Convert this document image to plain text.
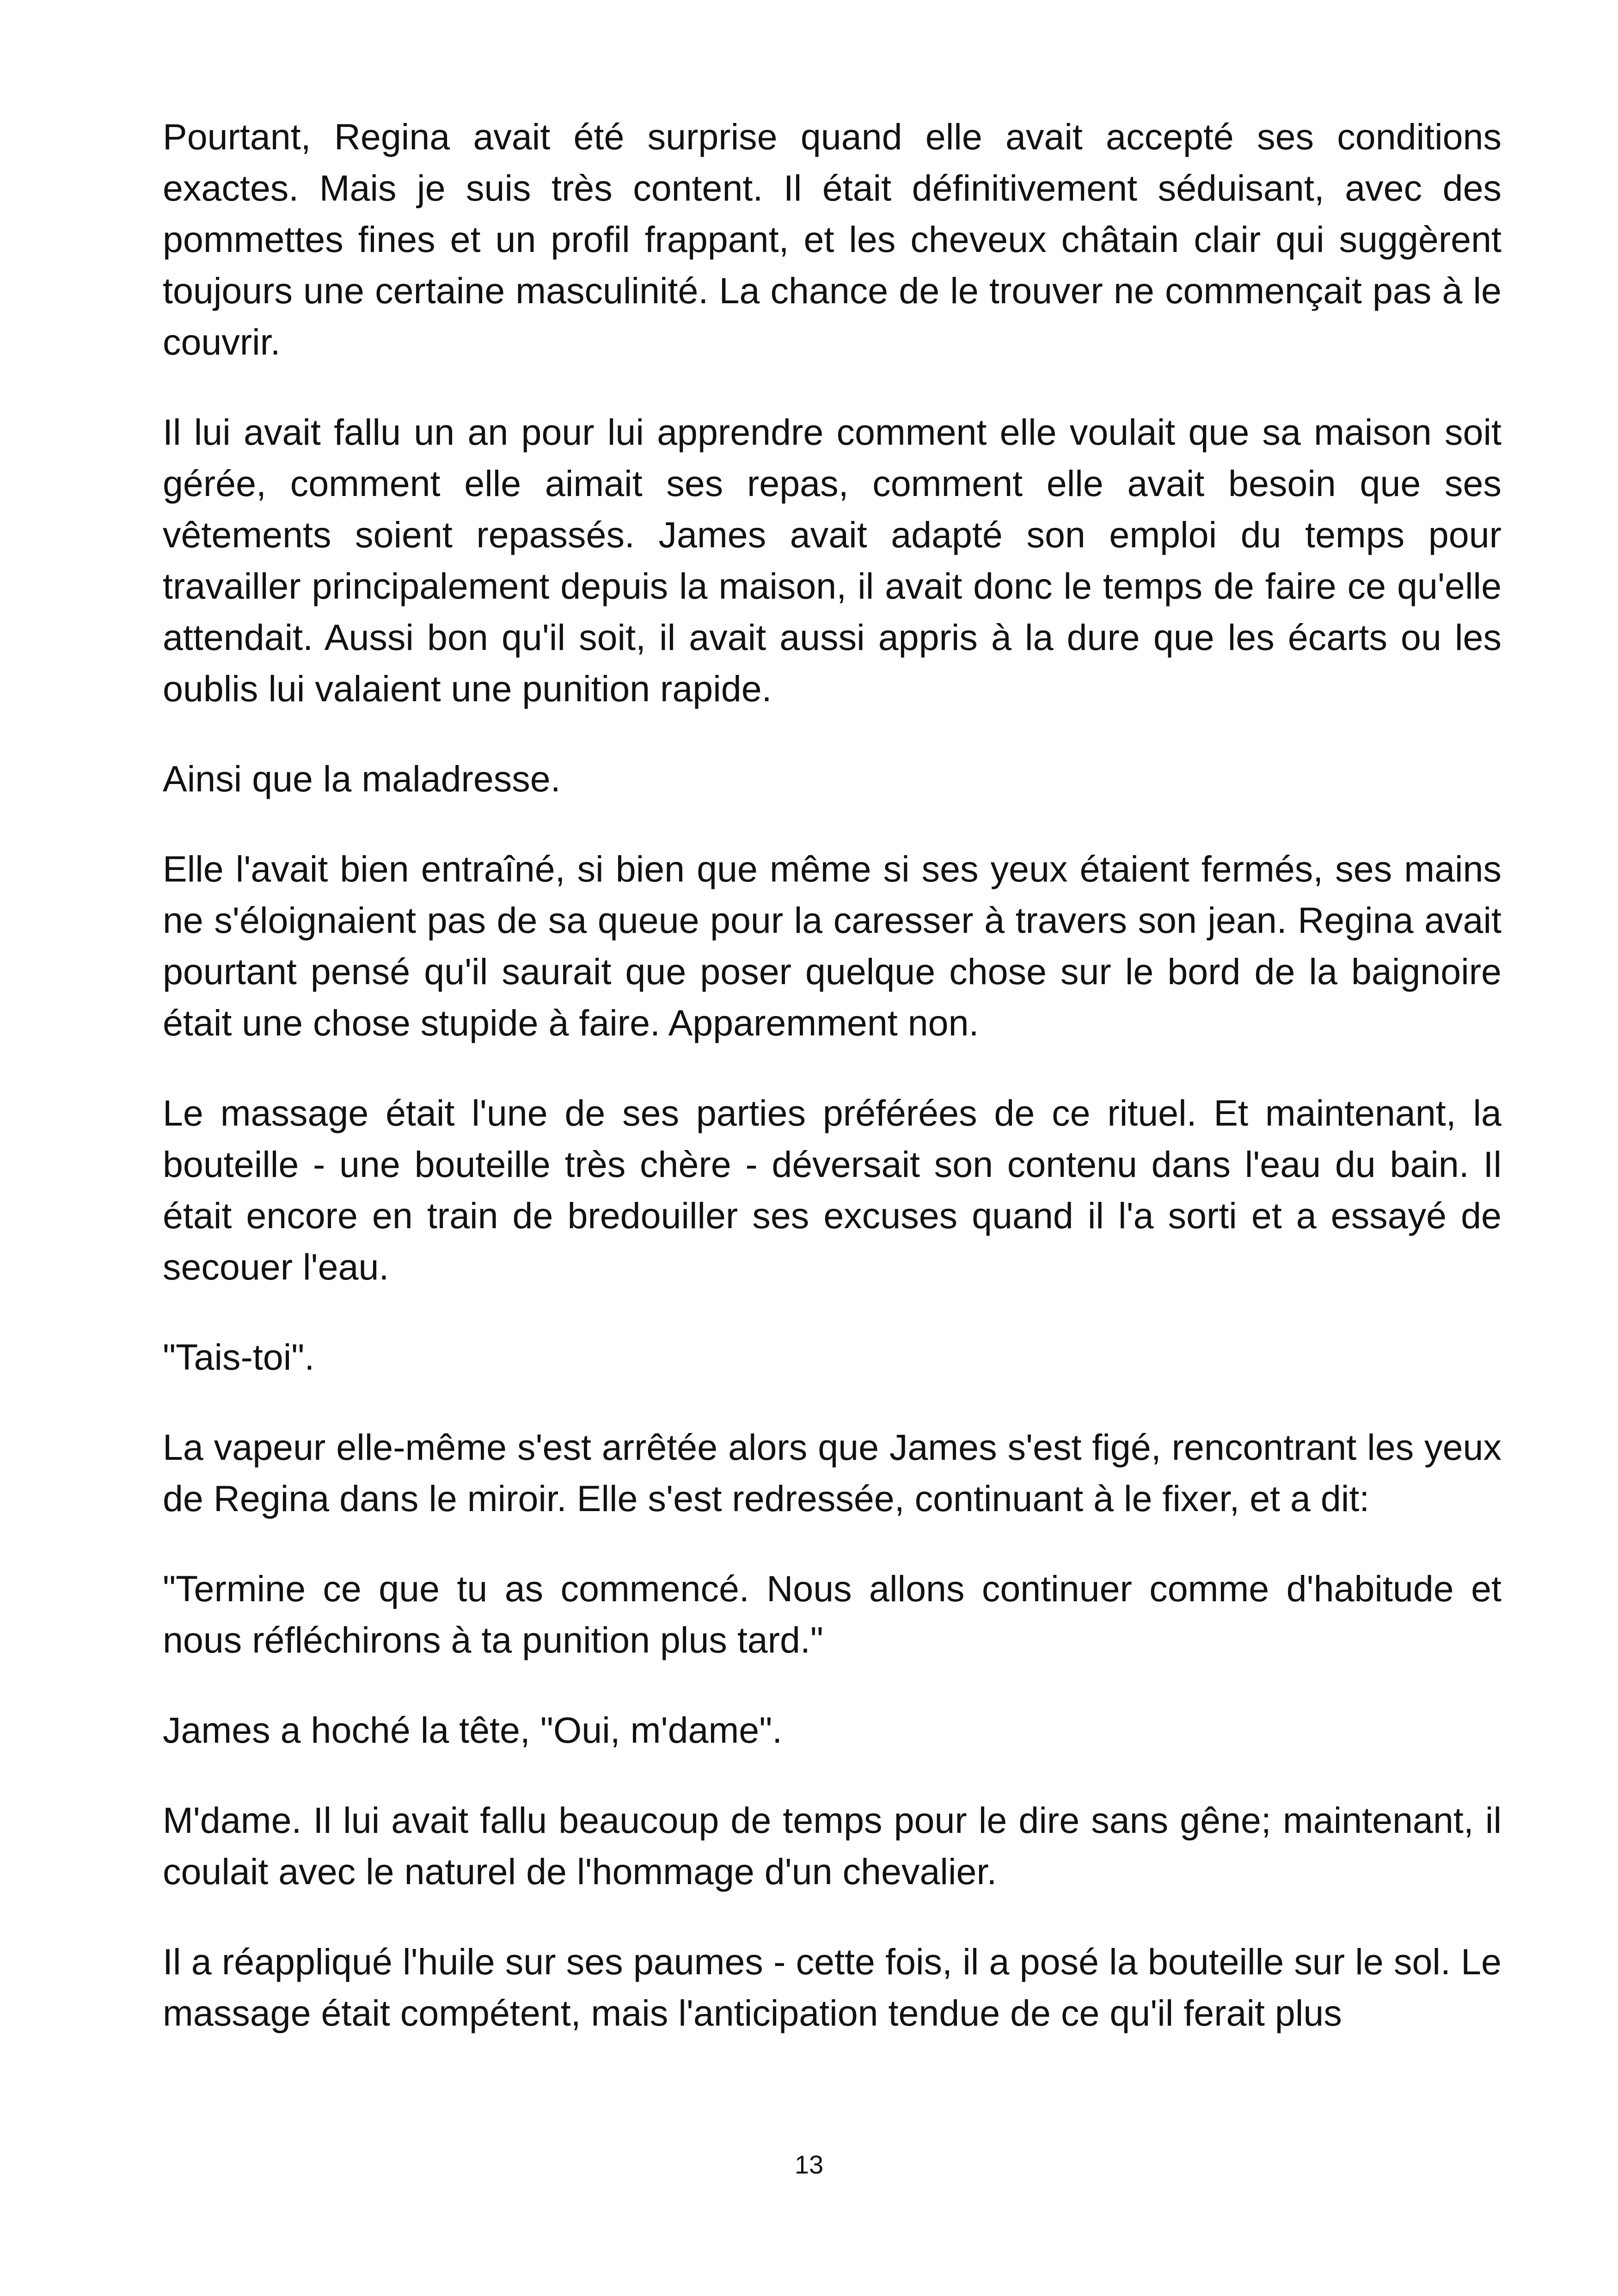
Pourtant, Regina avait été surprise quand elle avait accepté ses conditions exactes. Mais je suis très content. Il était définitivement séduisant, avec des pommettes fines et un profil frappant, et les cheveux châtain clair qui suggèrent toujours une certaine masculinité. La chance de le trouver ne commençait pas à le couvrir.

Il lui avait fallu un an pour lui apprendre comment elle voulait que sa maison soit gérée, comment elle aimait ses repas, comment elle avait besoin que ses vêtements soient repassés. James avait adapté son emploi du temps pour travailler principalement depuis la maison, il avait donc le temps de faire ce qu'elle attendait. Aussi bon qu'il soit, il avait aussi appris à la dure que les écarts ou les oublis lui valaient une punition rapide.

Ainsi que la maladresse.

Elle l'avait bien entraîné, si bien que même si ses yeux étaient fermés, ses mains ne s'éloignaient pas de sa queue pour la caresser à travers son jean. Regina avait pourtant pensé qu'il saurait que poser quelque chose sur le bord de la baignoire était une chose stupide à faire. Apparemment non.

Le massage était l'une de ses parties préférées de ce rituel. Et maintenant, la bouteille - une bouteille très chère - déversait son contenu dans l'eau du bain. Il était encore en train de bredouiller ses excuses quand il l'a sorti et a essayé de secouer l'eau.

"Tais-toi".

La vapeur elle-même s'est arrêtée alors que James s'est figé, rencontrant les yeux de Regina dans le miroir. Elle s'est redressée, continuant à le fixer, et a dit:

"Termine ce que tu as commencé. Nous allons continuer comme d'habitude et nous réfléchirons à ta punition plus tard."

James a hoché la tête, "Oui, m'dame".

M'dame. Il lui avait fallu beaucoup de temps pour le dire sans gêne; maintenant, il coulait avec le naturel de l'hommage d'un chevalier.

Il a réappliqué l'huile sur ses paumes - cette fois, il a posé la bouteille sur le sol. Le massage était compétent, mais l'anticipation tendue de ce qu'il ferait plus

13
